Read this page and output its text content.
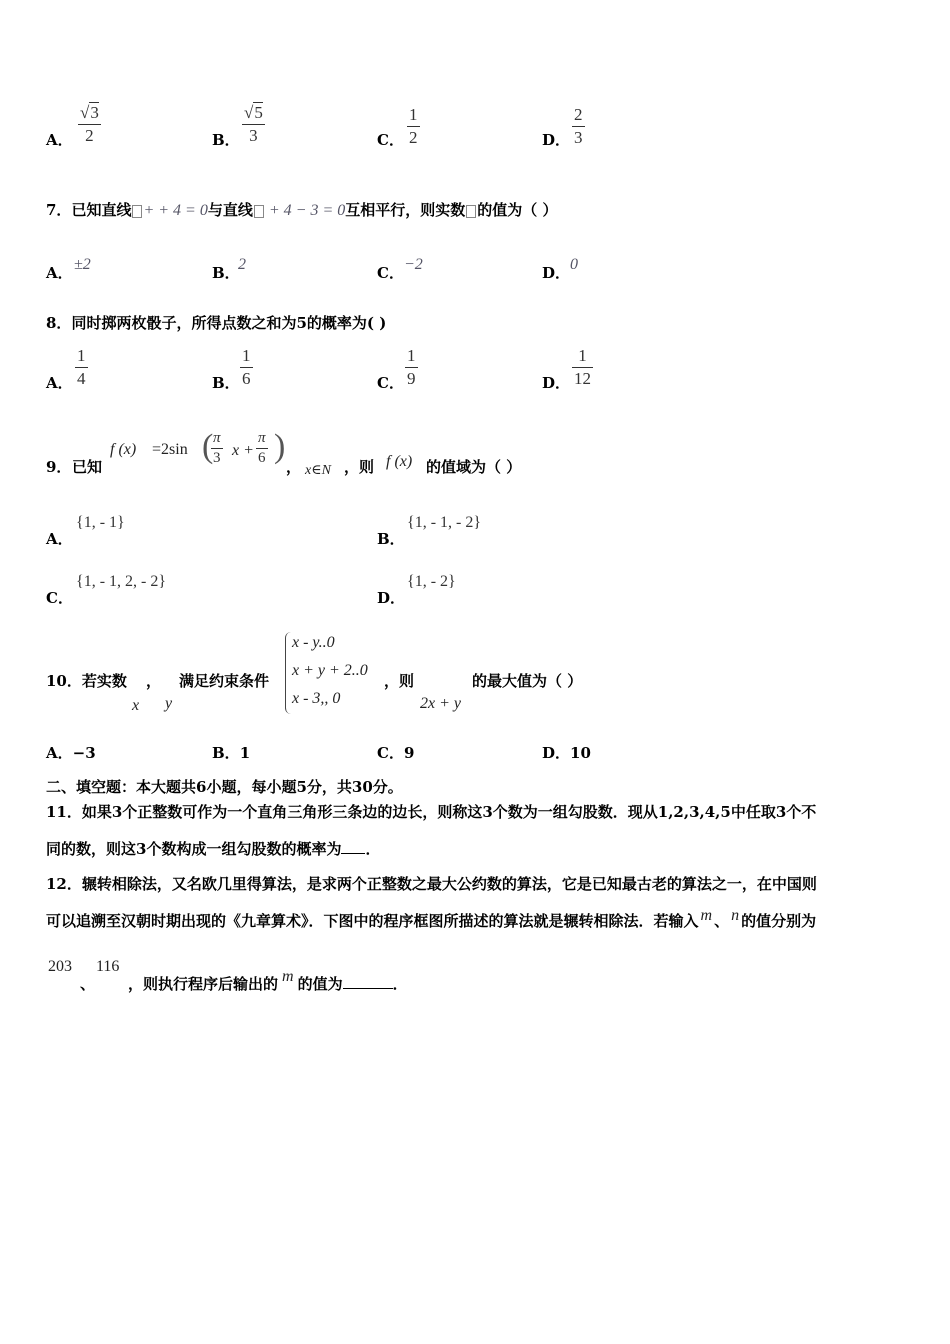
A．
√3
2	B．
√5
3	C．
1
2	D．
2
3
7．已知直线 + + 4 = 0与直线 + 4 − 3 = 0互相平行，则实数 的值为（ ）
A． ±2	B．
2	C． −2	D． 0
8．同时掷两枚骰子，所得点数之和为5的概率为( )
A．
1
4	B．
1
6	C．
1
9	D．
1
12
9． 已知
f (x) =2sin ( π
3 x +
π
6 )
， x∈N ，则 f (x) 的值域为（ ）
A．
{1, - 1}
B．
{1, - 1, - 2}
C．
{1, - 1, 2, - 2}
D．
{1, - 2}
10．若实数 ， 满足约束条件
x y
x - y..0
x + y + 2..0
x - 3,, 0
，则
2x + y
的最大值为（ ）
A．−3	B．1	C．9	D．10
二、填空题：本大题共6小题，每小题5分，共30分。
11．如果3个正整数可作为一个直角三角形三条边的边长，则称这3个数为一组勾股数．现从1,2,3,4,5中任取3个不
同的数，则这3个数构成一组勾股数的概率为 ．
12．辗转相除法，又名欧几里得算法，是求两个正整数之最大公约数的算法，它是已知最古老的算法之一，在中国则
可以追溯至汉朝时期出现的《九章算术》．下图中的程序框图所描述的算法就是辗转相除法．若输入 m 、 n 的值分别为
203
、
116
，则执行程序后输出的 m 的值为	．
